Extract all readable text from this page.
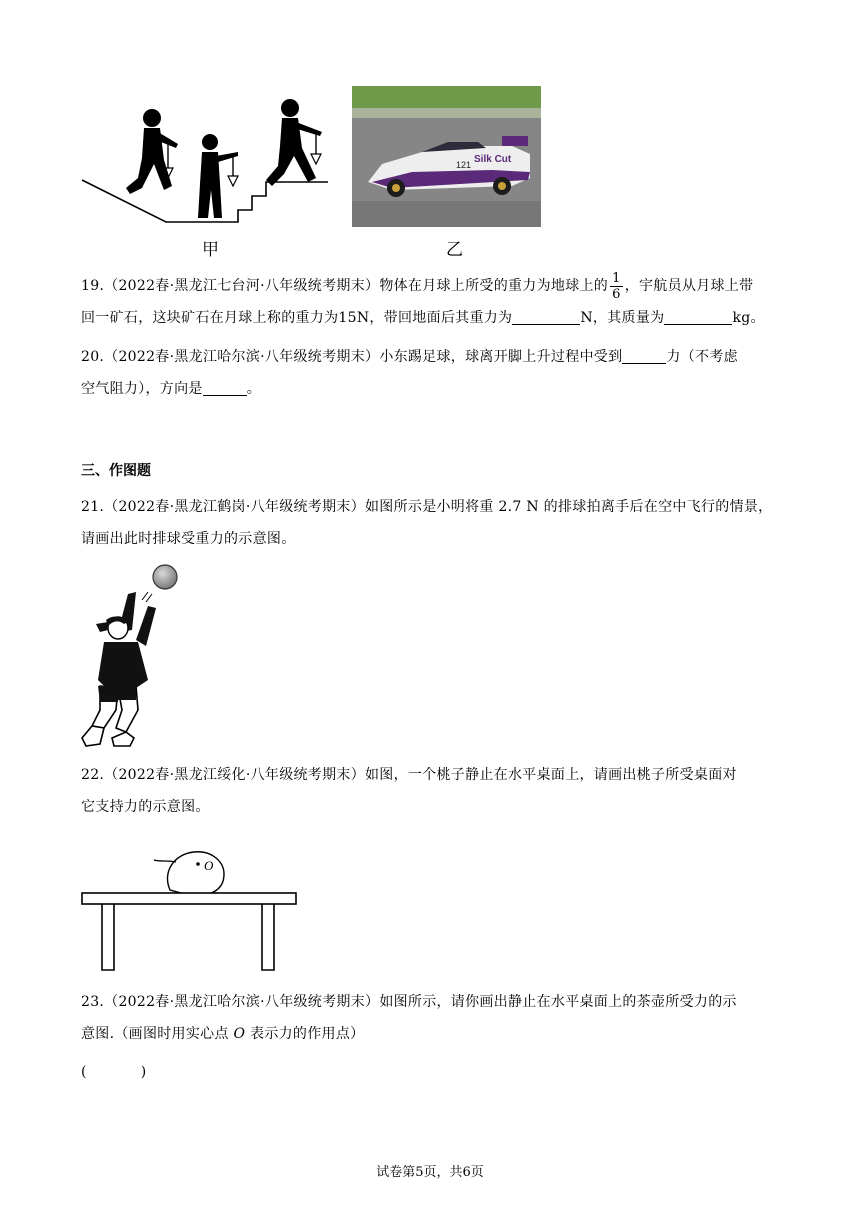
甲
121 Silk Cut
乙
19.（2022春·黑龙江七台河·八年级统考期末）物体在月球上所受的重力为地球上的 $\frac{1}{6}$ ，宇航员从月球上带
回一矿石，这块矿石在月球上称的重力为15N，带回地面后其重力为	N，其质量为	kg。
20.（2022春·黑龙江哈尔滨·八年级统考期末）小东踢足球，球离开脚上升过程中受到	力（不考虑
空气阻力），方向是	。
三、作图题
21.（2022春·黑龙江鹤岗·八年级统考期末）如图所示是小明将重 2.7 N 的排球拍离手后在空中飞行的情景，
请画出此时排球受重力的示意图。
22.（2022春·黑龙江绥化·八年级统考期末）如图，一个桃子静止在水平桌面上，请画出桃子所受桌面对
它支持力的示意图。
O
23.（2022春·黑龙江哈尔滨·八年级统考期末）如图所示，请你画出静止在水平桌面上的茶壶所受力的示
意图.（画图时用实心点 O 表示力的作用点）
(	)
试卷第5页，共6页
